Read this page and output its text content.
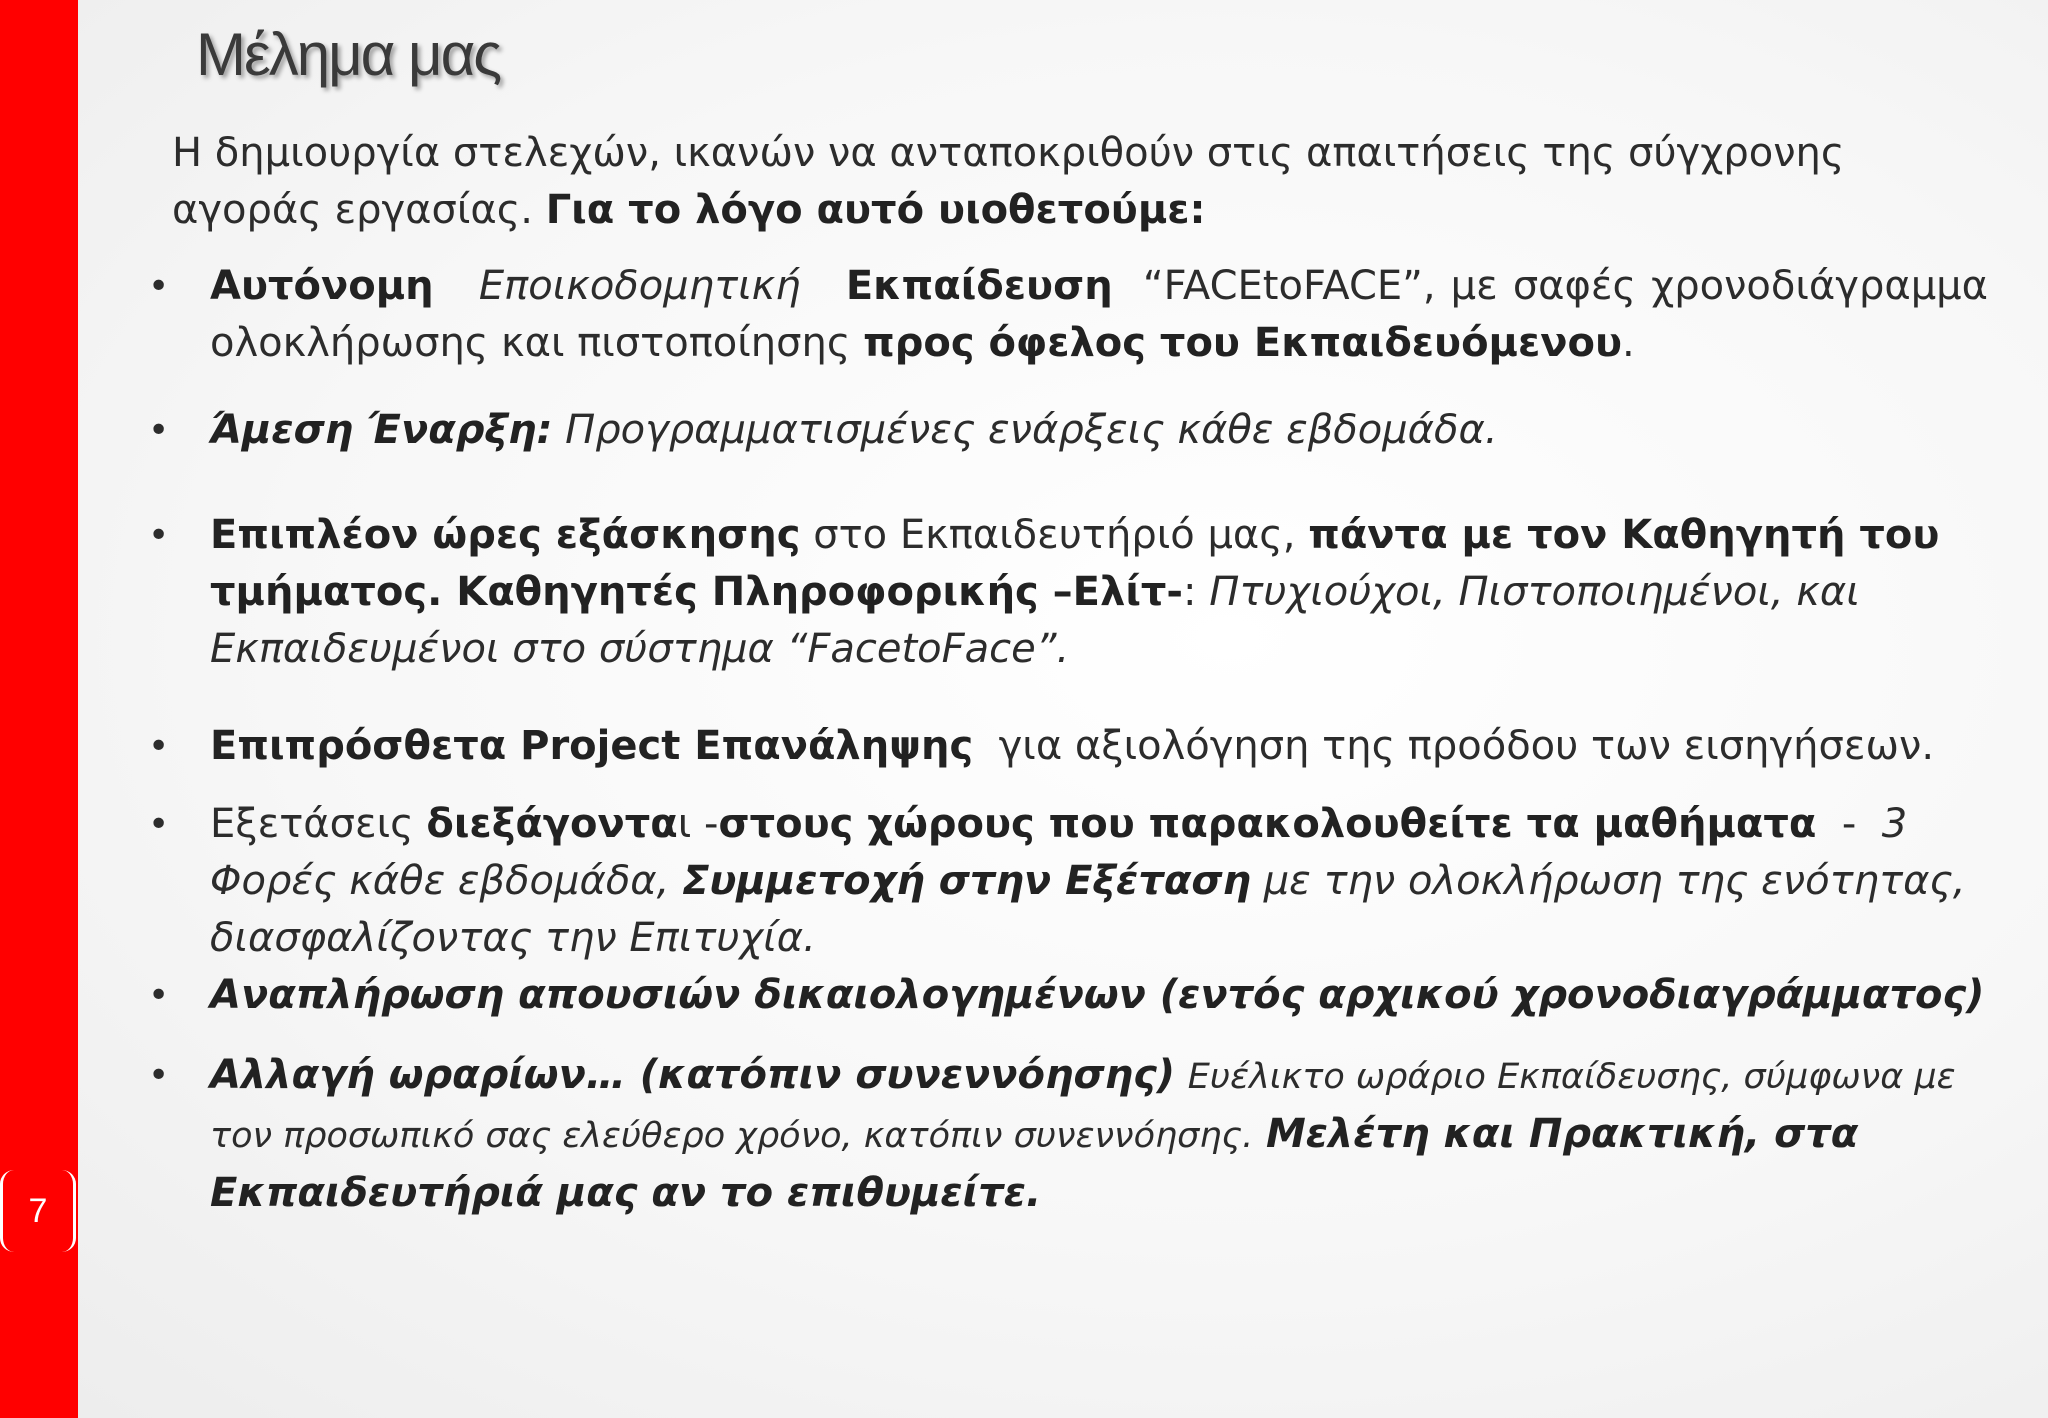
7
Μέλημα μας
Η δημιουργία στελεχών, ικανών να ανταποκριθούν στις απαιτήσεις της σύγχρονης αγοράς εργασίας. Για το λόγο αυτό υιοθετούμε:
• Αυτόνομη Εποικοδομητική Εκπαίδευση “FACEtoFACE”, με σαφές χρονοδιάγραμμα ολοκλήρωσης και πιστοποίησης προς όφελος του Εκπαιδευόμενου.
• Άμεση Έναρξη: Προγραμματισμένες ενάρξεις κάθε εβδομάδα.
• Επιπλέον ώρες εξάσκησης στο Εκπαιδευτήριό μας, πάντα με τον Καθηγητή του τμήματος. Καθηγητές Πληροφορικής –Ελίτ-: Πτυχιούχοι, Πιστοποιημένοι, και Εκπαιδευμένοι στο σύστημα “FacetoFace”.
• Επιπρόσθετα Project Επανάληψης για αξιολόγηση της προόδου των εισηγήσεων.
• Εξετάσεις διεξάγονται -στους χώρους που παρακολουθείτε τα μαθήματα - 3 Φορές κάθε εβδομάδα, Συμμετοχή στην Εξέταση με την ολοκλήρωση της ενότητας, διασφαλίζοντας την Επιτυχία.
• Αναπλήρωση απουσιών δικαιολογημένων (εντός αρχικού χρονοδιαγράμματος)
• Αλλαγή ωραρίων… (κατόπιν συνεννόησης) Ευέλικτο ωράριο Εκπαίδευσης, σύμφωνα με τον προσωπικό σας ελεύθερο χρόνο, κατόπιν συνεννόησης. Μελέτη και Πρακτική, στα Εκπαιδευτήριά μας αν το επιθυμείτε.
